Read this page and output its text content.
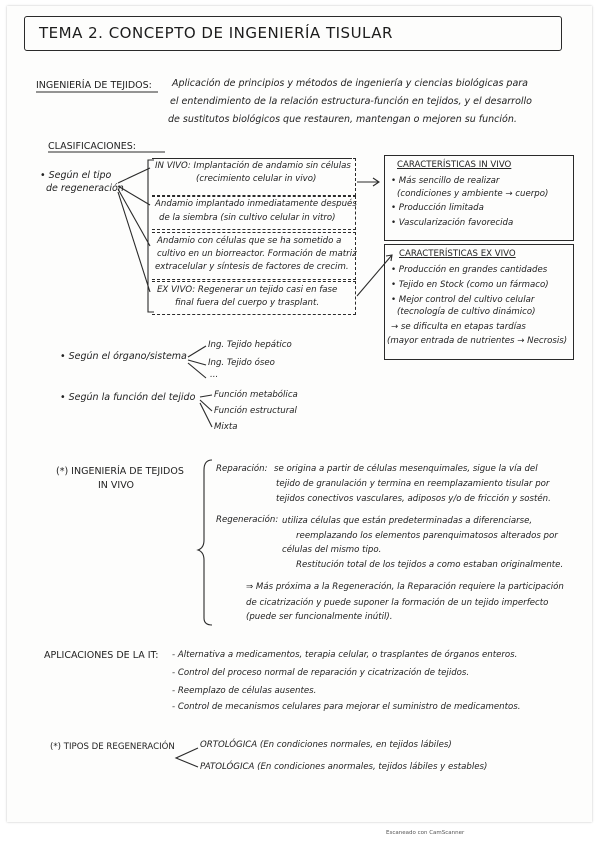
TEMA 2. CONCEPTO DE INGENIERÍA TISULAR
INGENIERÍA DE TEJIDOS: Aplicación de principios y métodos de ingeniería y ciencias biológicas para
el entendimiento de la relación estructura-función en tejidos, y el desarrollo
de sustitutos biológicos que restauren, mantengan o mejoren su función.
CLASIFICACIONES:
• Según el tipo
de regeneración
IN VIVO: Implantación de andamio sin células
(crecimiento celular in vivo)
Andamio implantado inmediatamente después
de la siembra (sin cultivo celular in vitro)
Andamio con células que se ha sometido a
cultivo en un biorreactor. Formación de matriz
extracelular y síntesis de factores de crecim.
EX VIVO: Regenerar un tejido casi en fase
final fuera del cuerpo y trasplant.
CARACTERÍSTICAS IN VIVO
• Más sencillo de realizar
(condiciones y ambiente → cuerpo)
• Producción limitada
• Vascularización favorecida
CARACTERÍSTICAS EX VIVO
• Producción en grandes cantidades
• Tejido en Stock (como un fármaco)
• Mejor control del cultivo celular
(tecnología de cultivo dinámico)
→ se dificulta en etapas tardías
(mayor entrada de nutrientes → Necrosis)
• Según el órgano/sistema
Ing. Tejido hepático
Ing. Tejido óseo
...
• Según la función del tejido Función metabólica
Función estructural
Mixta
(*) INGENIERÍA DE TEJIDOS
IN VIVO
Reparación: se origina a partir de células mesenquimales, sigue la vía del
tejido de granulación y termina en reemplazamiento tisular por
tejidos conectivos vasculares, adiposos y/o de fricción y sostén.
Regeneración: utiliza células que están predeterminadas a diferenciarse,
reemplazando los elementos parenquimatosos alterados por
células del mismo tipo.
Restitución total de los tejidos a como estaban originalmente.
⇒ Más próxima a la Regeneración, la Reparación requiere la participación
de cicatrización y puede suponer la formación de un tejido imperfecto
(puede ser funcionalmente inútil).
APLICACIONES DE LA IT: - Alternativa a medicamentos, terapia celular, o trasplantes de órganos enteros.
- Control del proceso normal de reparación y cicatrización de tejidos.
- Reemplazo de células ausentes.
- Control de mecanismos celulares para mejorar el suministro de medicamentos.
(*) TIPOS DE REGENERACIÓN	ORTOLÓGICA (En condiciones normales, en tejidos lábiles)
PATOLÓGICA (En condiciones anormales, tejidos lábiles y estables)
Escaneado con CamScanner
